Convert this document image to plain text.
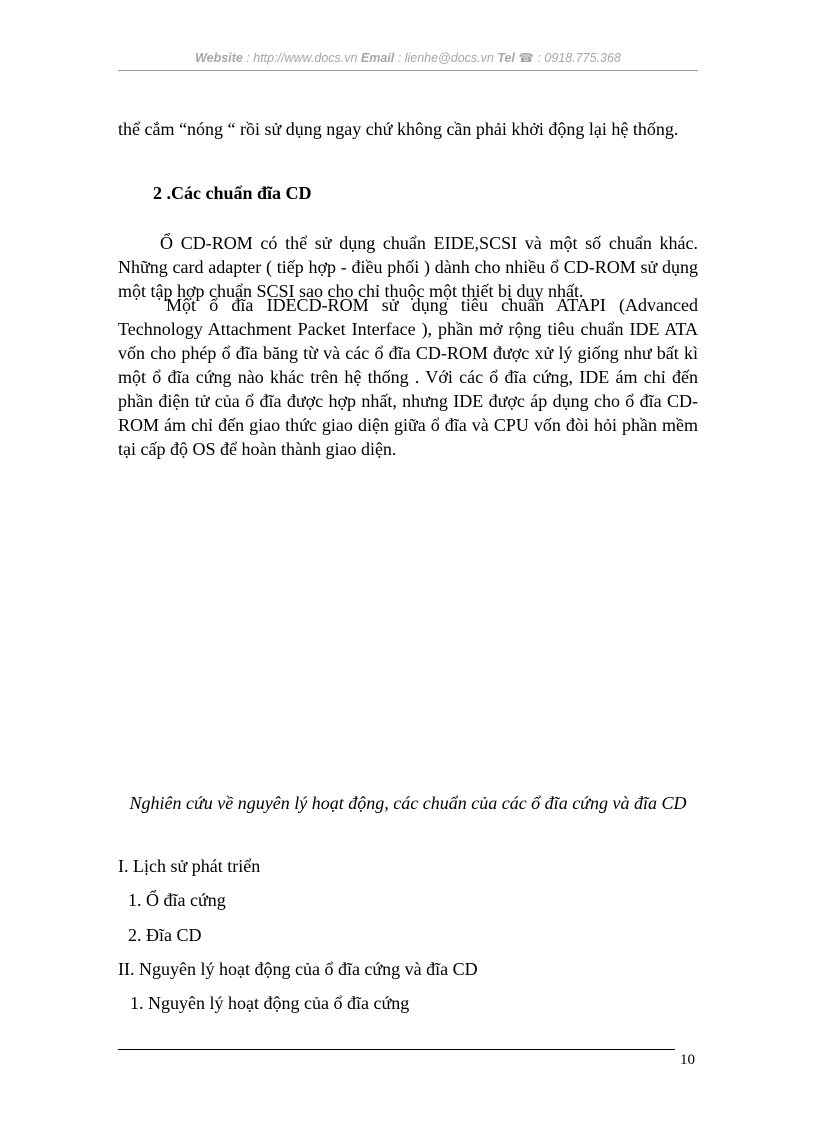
Website : http://www.docs.vn Email : lienhe@docs.vn Tel ☎ : 0918.775.368

thể cắm “nóng “ rồi sử dụng ngay chứ không cần phải khởi động lại hệ thống.

2 .Các chuẩn đĩa CD

Ổ CD-ROM có thể sử dụng chuẩn EIDE,SCSI và một số chuẩn khác. Những card adapter ( tiếp hợp - điều phối ) dành cho nhiều ổ CD-ROM sử dụng một tập hợp chuẩn SCSI sao cho chỉ thuộc một thiết bị duy nhất.

Một ổ đĩa IDECD-ROM sử dụng tiêu chuẩn ATAPI (Advanced Technology Attachment Packet Interface ), phần mở rộng tiêu chuẩn IDE ATA vốn cho phép ổ đĩa băng từ và các ổ đĩa CD-ROM được xử lý giống như bất kì một ổ đĩa cứng nào khác trên hệ thống . Với các ổ đĩa cứng, IDE ám chỉ đến phần điện tử của ổ đĩa được hợp nhất, nhưng IDE được áp dụng cho ổ đĩa CD-ROM ám chỉ đến giao thức giao diện giữa ổ đĩa và CPU vốn đòi hỏi phần mềm tại cấp độ OS để hoàn thành giao diện.

Nghiên cứu về nguyên lý hoạt động, các chuẩn của các ổ đĩa cứng và đĩa CD

I. Lịch sử phát triển

1. Ổ đĩa cứng

2. Đĩa CD

II. Nguyên lý hoạt động của ổ đĩa cứng và đĩa CD

1. Nguyên lý hoạt động của ổ đĩa cứng

10
